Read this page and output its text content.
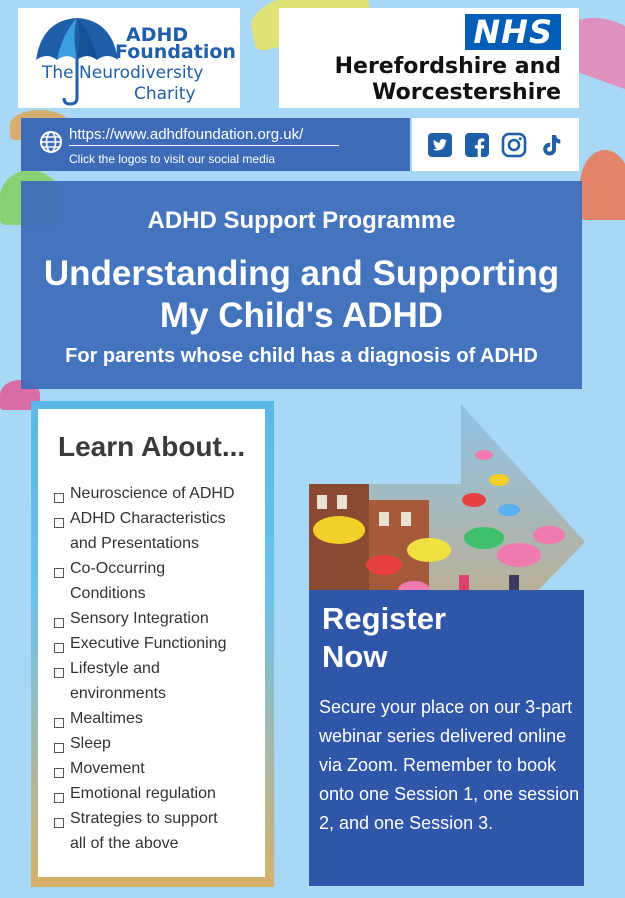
ADHD
Foundation
The Neurodiversity
Charity
NHS
Herefordshire and
Worcestershire
https://www.adhdfoundation.org.uk/
Click the logos to visit our social media
ADHD Support Programme
Understanding and Supporting
My Child's ADHD
For parents whose child has a diagnosis of ADHD
Learn About...
Neuroscience of ADHD
ADHD Characteristics
and Presentations
Co-Occurring
Conditions
Sensory Integration
Executive Functioning
Lifestyle and
environments
Mealtimes
Sleep
Movement
Emotional regulation
Strategies to support
all of the above
Register
Now
Secure your place on our 3-part webinar series delivered online via Zoom. Remember to book onto one Session 1, one session 2, and one Session 3.
